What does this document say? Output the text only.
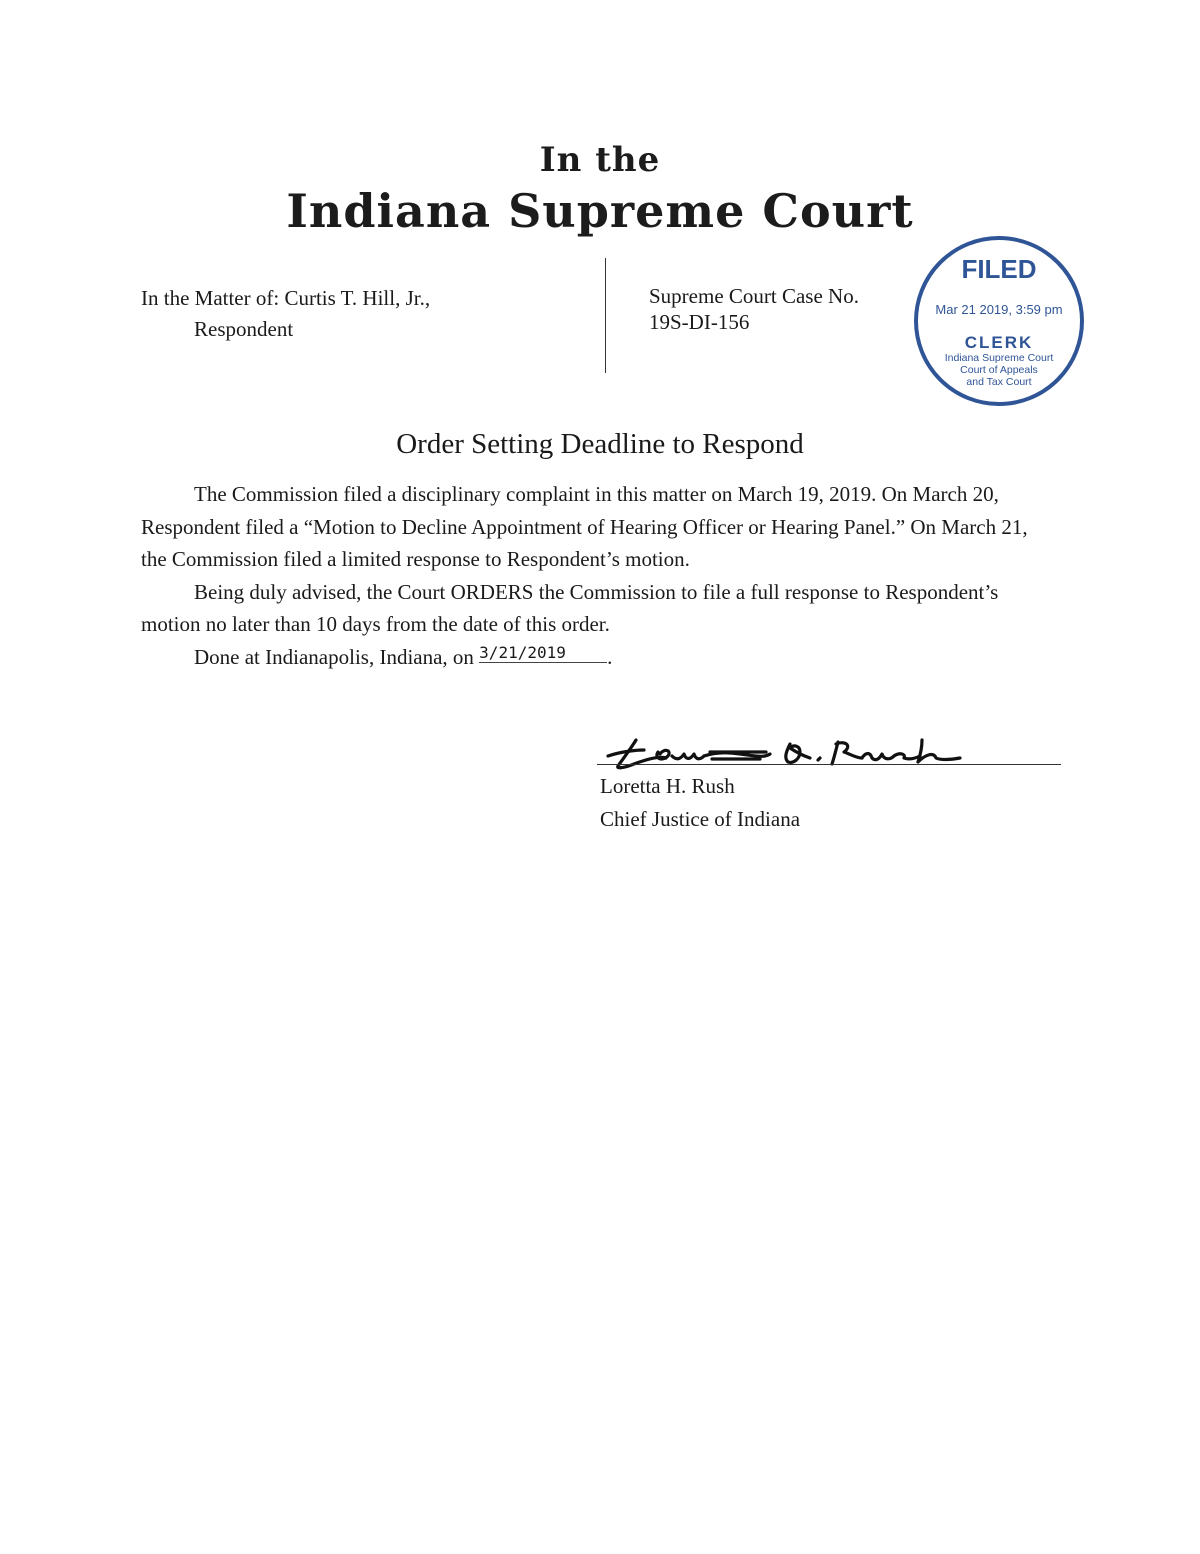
In the
Indiana Supreme Court
In the Matter of: Curtis T. Hill, Jr.,
Respondent
Supreme Court Case No.
19S-DI-156
FILED
Mar 21 2019, 3:59 pm
CLERK
Indiana Supreme Court
Court of Appeals
and Tax Court
Order Setting Deadline to Respond

The Commission filed a disciplinary complaint in this matter on March 19, 2019. On March 20, Respondent filed a “Motion to Decline Appointment of Hearing Officer or Hearing Panel.” On March 21, the Commission filed a limited response to Respondent’s motion.

Being duly advised, the Court ORDERS the Commission to file a full response to Respondent’s motion no later than 10 days from the date of this order.

Done at Indianapolis, Indiana, on 3/21/2019 .

Loretta H. Rush
Chief Justice of Indiana
